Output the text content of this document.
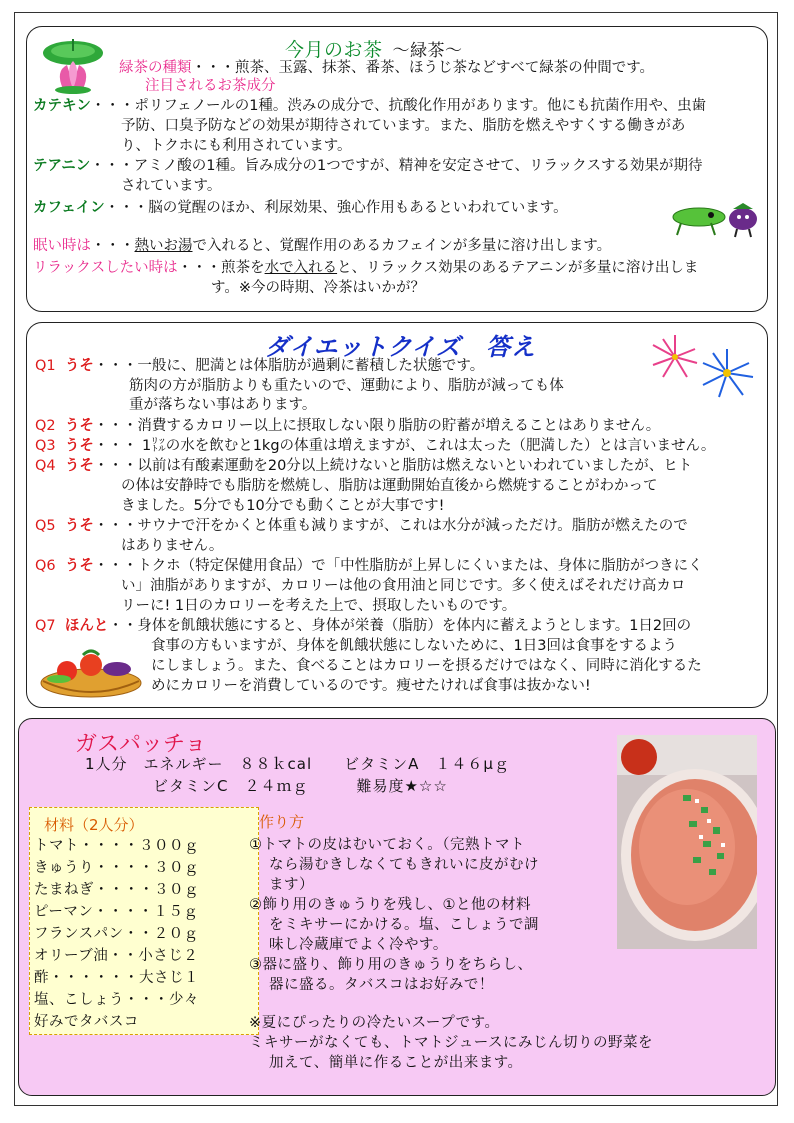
今月のお茶 ～緑茶～
緑茶の種類・・・煎茶、玉露、抹茶、番茶、ほうじ茶などすべて緑茶の仲間です。
注目されるお茶成分
カテキン・・・ポリフェノールの1種。渋みの成分で、抗酸化作用があります。他にも抗菌作用や、虫歯
予防、口臭予防などの効果が期待されています。また、脂肪を燃えやすくする働きがあ
り、トクホにも利用されています。
テアニン・・・アミノ酸の1種。旨み成分の1つですが、精神を安定させて、リラックスする効果が期待
されています。
カフェイン・・・脳の覚醒のほか、利尿効果、強心作用もあるといわれています。
眠い時は・・・熱いお湯で入れると、覚醒作用のあるカフェインが多量に溶け出します。
リラックスしたい時は・・・煎茶を水で入れると、リラックス効果のあるテアニンが多量に溶け出しま
す。※今の時期、冷茶はいかが？
ダイエットクイズ　答え
Q1 うそ・・・一般に、肥満とは体脂肪が過剰に蓄積した状態です。
筋肉の方が脂肪よりも重たいので、運動により、脂肪が減っても体
重が落ちない事はあります。
Q2 うそ・・・消費するカロリー以上に摂取しない限り脂肪の貯蓄が増えることはありません。
Q3 うそ・・・ 1㍑の水を飲むと1kgの体重は増えますが、これは太った（肥満した）とは言いません。
Q4 うそ・・・以前は有酸素運動を20分以上続けないと脂肪は燃えないといわれていましたが、ヒト
の体は安静時でも脂肪を燃焼し、脂肪は運動開始直後から燃焼することがわかって
きました。5分でも10分でも動くことが大事です!
Q5 うそ・・・サウナで汗をかくと体重も減りますが、これは水分が減っただけ。脂肪が燃えたので
はありません。
Q6 うそ・・・トクホ（特定保健用食品）で「中性脂肪が上昇しにくいまたは、身体に脂肪がつきにく
い」油脂がありますが、カロリーは他の食用油と同じです。多く使えばそれだけ高カロ
リーに! 1日のカロリーを考えた上で、摂取したいものです。
Q7 ほんと・・身体を飢餓状態にすると、身体が栄養（脂肪）を体内に蓄えようとします。1日2回の
食事の方もいますが、身体を飢餓状態にしないために、1日3回は食事をするよう
にしましょう。また、食べることはカロリーを摂るだけではなく、同時に消化するた
めにカロリーを消費しているのです。痩せたければ食事は抜かない!
ガスパッチョ
1人分　エネルギー　８８ｋcal　　ビタミンA　１４６μｇ
ビタミンC　２４ｍｇ　　　難易度★☆☆
材料（2人分）
トマト・・・・３００ｇ
きゅうり・・・・３０ｇ
たまねぎ・・・・３０ｇ
ピーマン・・・・１５ｇ
フランスパン・・２０ｇ
オリーブ油・・小さじ２
酢・・・・・・大さじ１
塩、こしょう・・・少々
好みでタバスコ
作り方
①トマトの皮はむいておく。（完熟トマト
なら湯むきしなくてもきれいに皮がむけ
ます）
②飾り用のきゅうりを残し、①と他の材料
をミキサーにかける。塩、こしょうで調
味し冷蔵庫でよく冷やす。
③器に盛り、飾り用のきゅうりをちらし、
器に盛る。タバスコはお好みで！
※夏にぴったりの冷たいスープです。
ミキサーがなくても、トマトジュースにみじん切りの野菜を
加えて、簡単に作ることが出来ます。
